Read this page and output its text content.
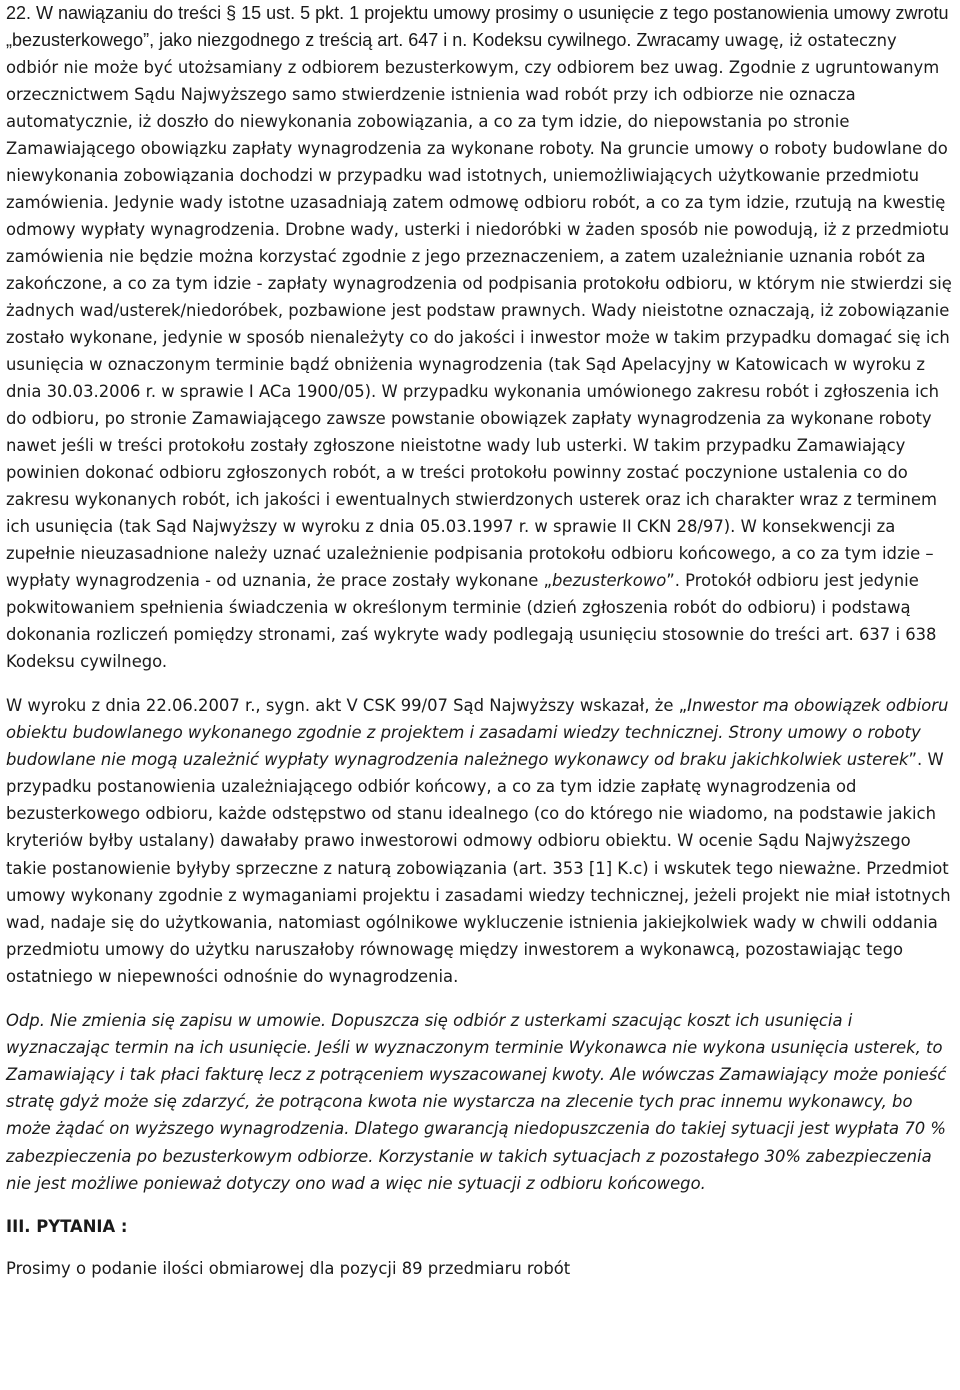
22. W nawiązaniu do treści § 15 ust. 5 pkt. 1 projektu umowy prosimy o usunięcie z tego postanowienia umowy zwrotu „bezusterkowego”, jako niezgodnego z treścią art. 647 i n. Kodeksu cywilnego. Zwracamy uwagę, iż ostateczny odbiór nie może być utożsamiany z odbiorem bezusterkowym, czy odbiorem bez uwag. Zgodnie z ugruntowanym orzecznictwem Sądu Najwyższego samo stwierdzenie istnienia wad robót przy ich odbiorze nie oznacza automatycznie, iż doszło do niewykonania zobowiązania, a co za tym idzie, do niepowstania po stronie Zamawiającego obowiązku zapłaty wynagrodzenia za wykonane roboty. Na gruncie umowy o roboty budowlane do niewykonania zobowiązania dochodzi w przypadku wad istotnych, uniemożliwiających użytkowanie przedmiotu zamówienia. Jedynie wady istotne uzasadniają zatem odmowę odbioru robót, a co za tym idzie, rzutują na kwestię odmowy wypłaty wynagrodzenia. Drobne wady, usterki i niedoróbki w żaden sposób nie powodują, iż z przedmiotu zamówienia nie będzie można korzystać zgodnie z jego przeznaczeniem, a zatem uzależnianie uznania robót za zakończone, a co za tym idzie - zapłaty wynagrodzenia od podpisania protokołu odbioru, w którym nie stwierdzi się żadnych wad/usterek/niedoróbek, pozbawione jest podstaw prawnych. Wady nieistotne oznaczają, iż zobowiązanie zostało wykonane, jedynie w sposób nienależyty co do jakości i inwestor może w takim przypadku domagać się ich usunięcia w oznaczonym terminie bądź obniżenia wynagrodzenia (tak Sąd Apelacyjny w Katowicach w wyroku z dnia 30.03.2006 r. w sprawie I ACa 1900/05). W przypadku wykonania umówionego zakresu robót i zgłoszenia ich do odbioru, po stronie Zamawiającego zawsze powstanie obowiązek zapłaty wynagrodzenia za wykonane roboty nawet jeśli w treści protokołu zostały zgłoszone nieistotne wady lub usterki. W takim przypadku Zamawiający powinien dokonać odbioru zgłoszonych robót, a w treści protokołu powinny zostać poczynione ustalenia co do zakresu wykonanych robót, ich jakości i ewentualnych stwierdzonych usterek oraz ich charakter wraz z terminem ich usunięcia (tak Sąd Najwyższy w wyroku z dnia 05.03.1997 r. w sprawie II CKN 28/97). W konsekwencji za zupełnie nieuzasadnione należy uznać uzależnienie podpisania protokołu odbioru końcowego, a co za tym idzie – wypłaty wynagrodzenia - od uznania, że prace zostały wykonane „bezusterkowo”. Protokół odbioru jest jedynie pokwitowaniem spełnienia świadczenia w określonym terminie (dzień zgłoszenia robót do odbioru) i podstawą dokonania rozliczeń pomiędzy stronami, zaś wykryte wady podlegają usunięciu stosownie do treści art. 637 i 638 Kodeksu cywilnego.

W wyroku z dnia 22.06.2007 r., sygn. akt V CSK 99/07 Sąd Najwyższy wskazał, że „Inwestor ma obowiązek odbioru obiektu budowlanego wykonanego zgodnie z projektem i zasadami wiedzy technicznej. Strony umowy o roboty budowlane nie mogą uzależnić wypłaty wynagrodzenia należnego wykonawcy od braku jakichkolwiek usterek”. W przypadku postanowienia uzależniającego odbiór końcowy, a co za tym idzie zapłatę wynagrodzenia od bezusterkowego odbioru, każde odstępstwo od stanu idealnego (co do którego nie wiadomo, na podstawie jakich kryteriów byłby ustalany) dawałaby prawo inwestorowi odmowy odbioru obiektu. W ocenie Sądu Najwyższego takie postanowienie byłyby sprzeczne z naturą zobowiązania (art. 353 [1] K.c) i wskutek tego nieważne. Przedmiot umowy wykonany zgodnie z wymaganiami projektu i zasadami wiedzy technicznej, jeżeli projekt nie miał istotnych wad, nadaje się do użytkowania, natomiast ogólnikowe wykluczenie istnienia jakiejkolwiek wady w chwili oddania przedmiotu umowy do użytku naruszałoby równowagę między inwestorem a wykonawcą, pozostawiając tego ostatniego w niepewności odnośnie do wynagrodzenia.

Odp. Nie zmienia się zapisu w umowie. Dopuszcza się odbiór z usterkami szacując koszt ich usunięcia i wyznaczając termin na ich usunięcie. Jeśli w wyznaczonym terminie Wykonawca nie wykona usunięcia usterek, to Zamawiający i tak płaci fakturę lecz z potrąceniem wyszacowanej kwoty. Ale wówczas Zamawiający może ponieść stratę gdyż może się zdarzyć, że potrącona kwota nie wystarcza na zlecenie tych prac innemu wykonawcy, bo może żądać on wyższego wynagrodzenia. Dlatego gwarancją niedopuszczenia do takiej sytuacji jest wypłata 70 % zabezpieczenia po bezusterkowym odbiorze. Korzystanie w takich sytuacjach z pozostałego 30% zabezpieczenia nie jest możliwe ponieważ dotyczy ono wad a więc nie sytuacji z odbioru końcowego.

III. PYTANIA :

Prosimy o podanie ilości obmiarowej dla pozycji 89 przedmiaru robót
